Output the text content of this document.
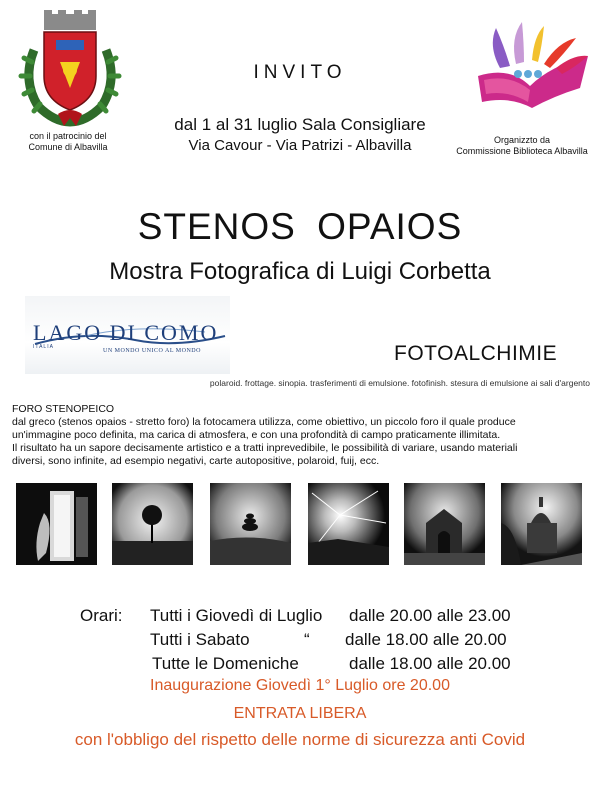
con il patrocinio del
Comune di Albavilla
Organizzto da
Commissione Biblioteca Albavilla
INVITO
dal 1 al 31 luglio Sala Consigliare
Via Cavour - Via Patrizi - Albavilla
STENOS OPAIOS
Mostra Fotografica di Luigi Corbetta
LAGO DI COMO
ITALIA
UN MONDO UNICO AL MONDO	FOTOALCHIMIE
polaroid. frottage. sinopia. trasferimenti di emulsione. fotofinish. stesura di emulsione ai sali d'argento
FORO STENOPEICO
dal greco (stenos opaios - stretto foro) la fotocamera utilizza, come obiettivo, un piccolo foro il quale produce
un'immagine poco definita, ma carica di atmosfera, e con una profondità di campo praticamente illimitata.
Il risultato ha un sapore decisamente artistico e a tratti inprevedibile, le possibilità di variare, usando materiali
diversi, sono infinite, ad esempio negativi, carte autopositive, polaroid, fuij, ecc.
Orari: Tutti i Giovedì di Luglio dalle 20.00 alle 23.00
Tutti i Sabato	“ dalle 18.00 alle 20.00
Tutte le Domeniche	dalle 18.00 alle 20.00
Inaugurazione Giovedì 1° Luglio ore 20.00
ENTRATA LIBERA
con l'obbligo del rispetto delle norme di sicurezza anti Covid
